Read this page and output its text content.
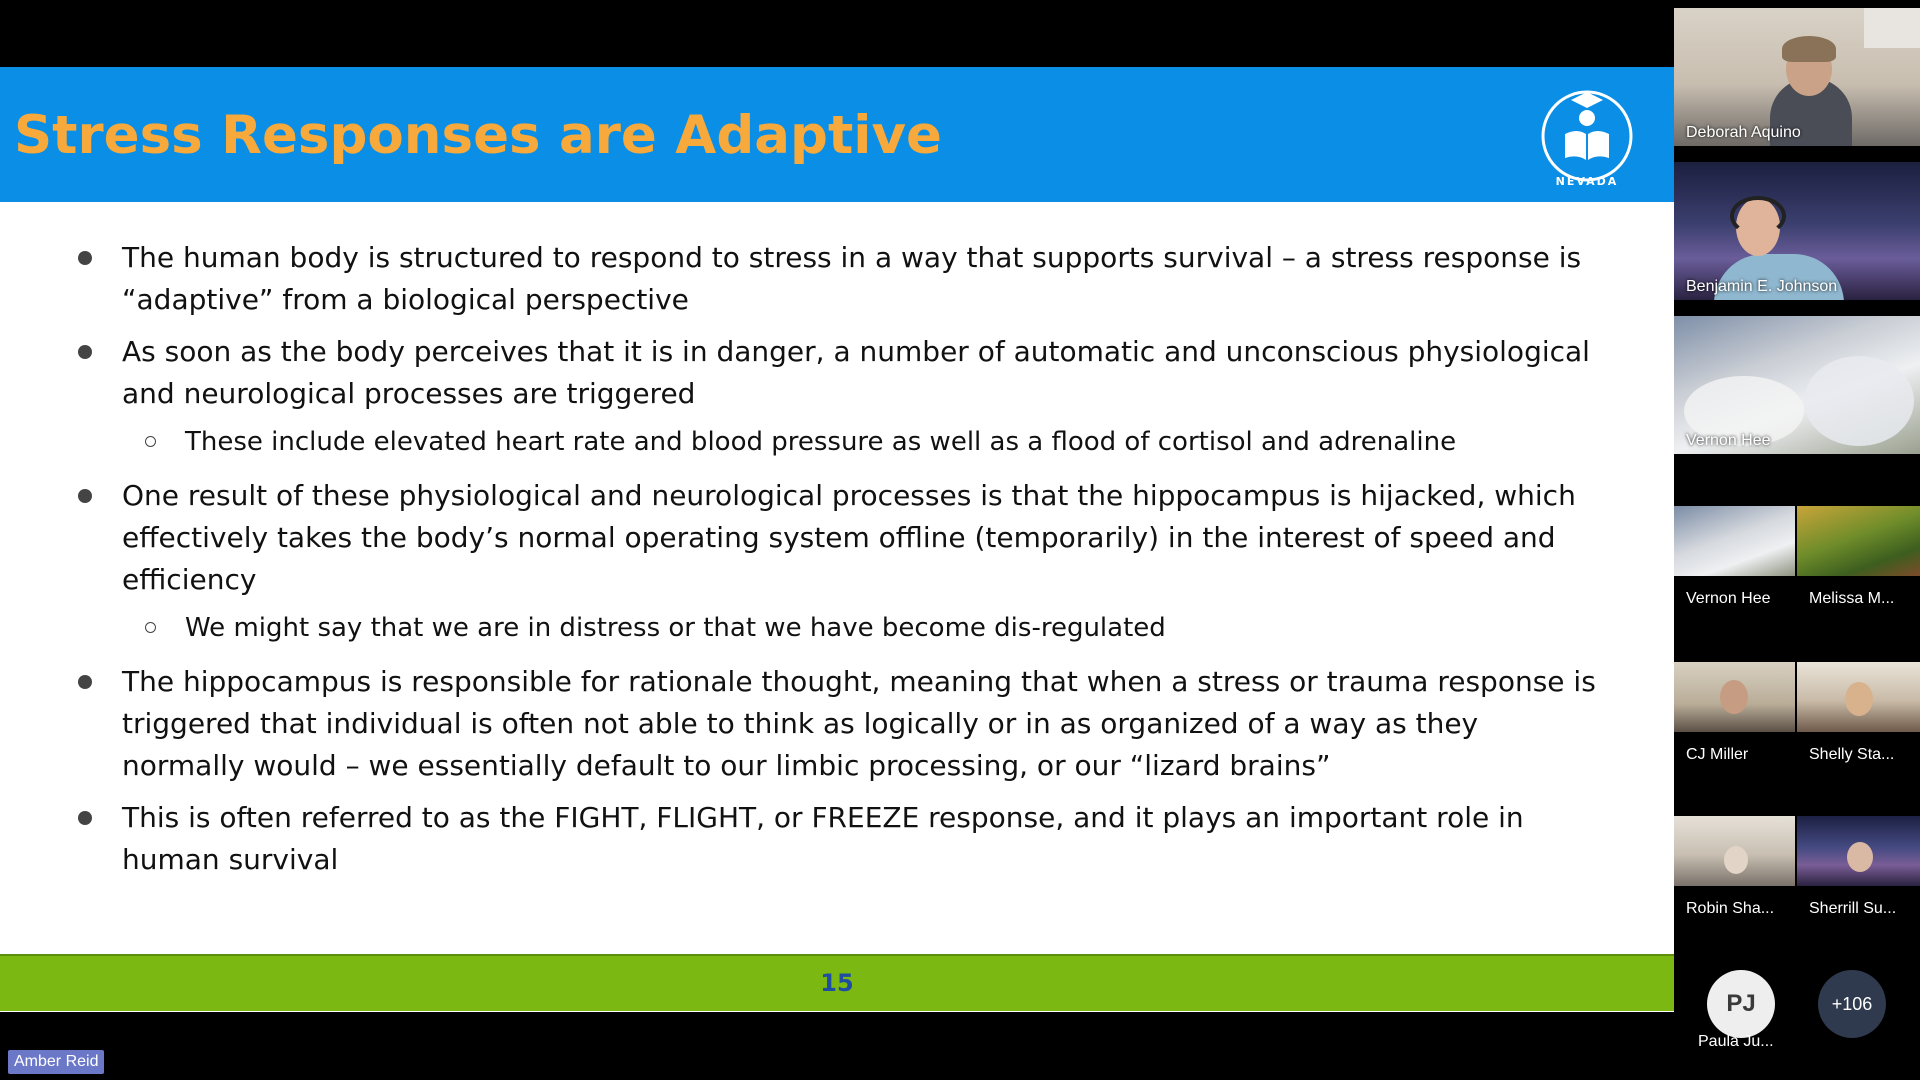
Stress Responses are Adaptive
NEVADA
The human body is structured to respond to stress in a way that supports survival – a stress response is “adaptive” from a biological perspective
As soon as the body perceives that it is in danger, a number of automatic and unconscious physiological and neurological processes are triggered
These include elevated heart rate and blood pressure as well as a flood of cortisol and adrenaline
One result of these physiological and neurological processes is that the hippocampus is hijacked, which effectively takes the body’s normal operating system offline (temporarily) in the interest of speed and efficiency
We might say that we are in distress or that we have become dis-regulated
The hippocampus is responsible for rationale thought, meaning that when a stress or trauma response is triggered that individual is often not able to think as logically or in as organized of a way as they normally would – we essentially default to our limbic processing, or our “lizard brains”
This is often referred to as the FIGHT, FLIGHT, or FREEZE response, and it plays an important role in human survival
15
Amber Reid
Deborah Aquino
Benjamin E. Johnson
Vernon Hee
Vernon Hee Melissa M...
CJ Miller	Shelly Sta...
Robin Sha... Sherrill Su...
PJ
Paula Ju...
+106
